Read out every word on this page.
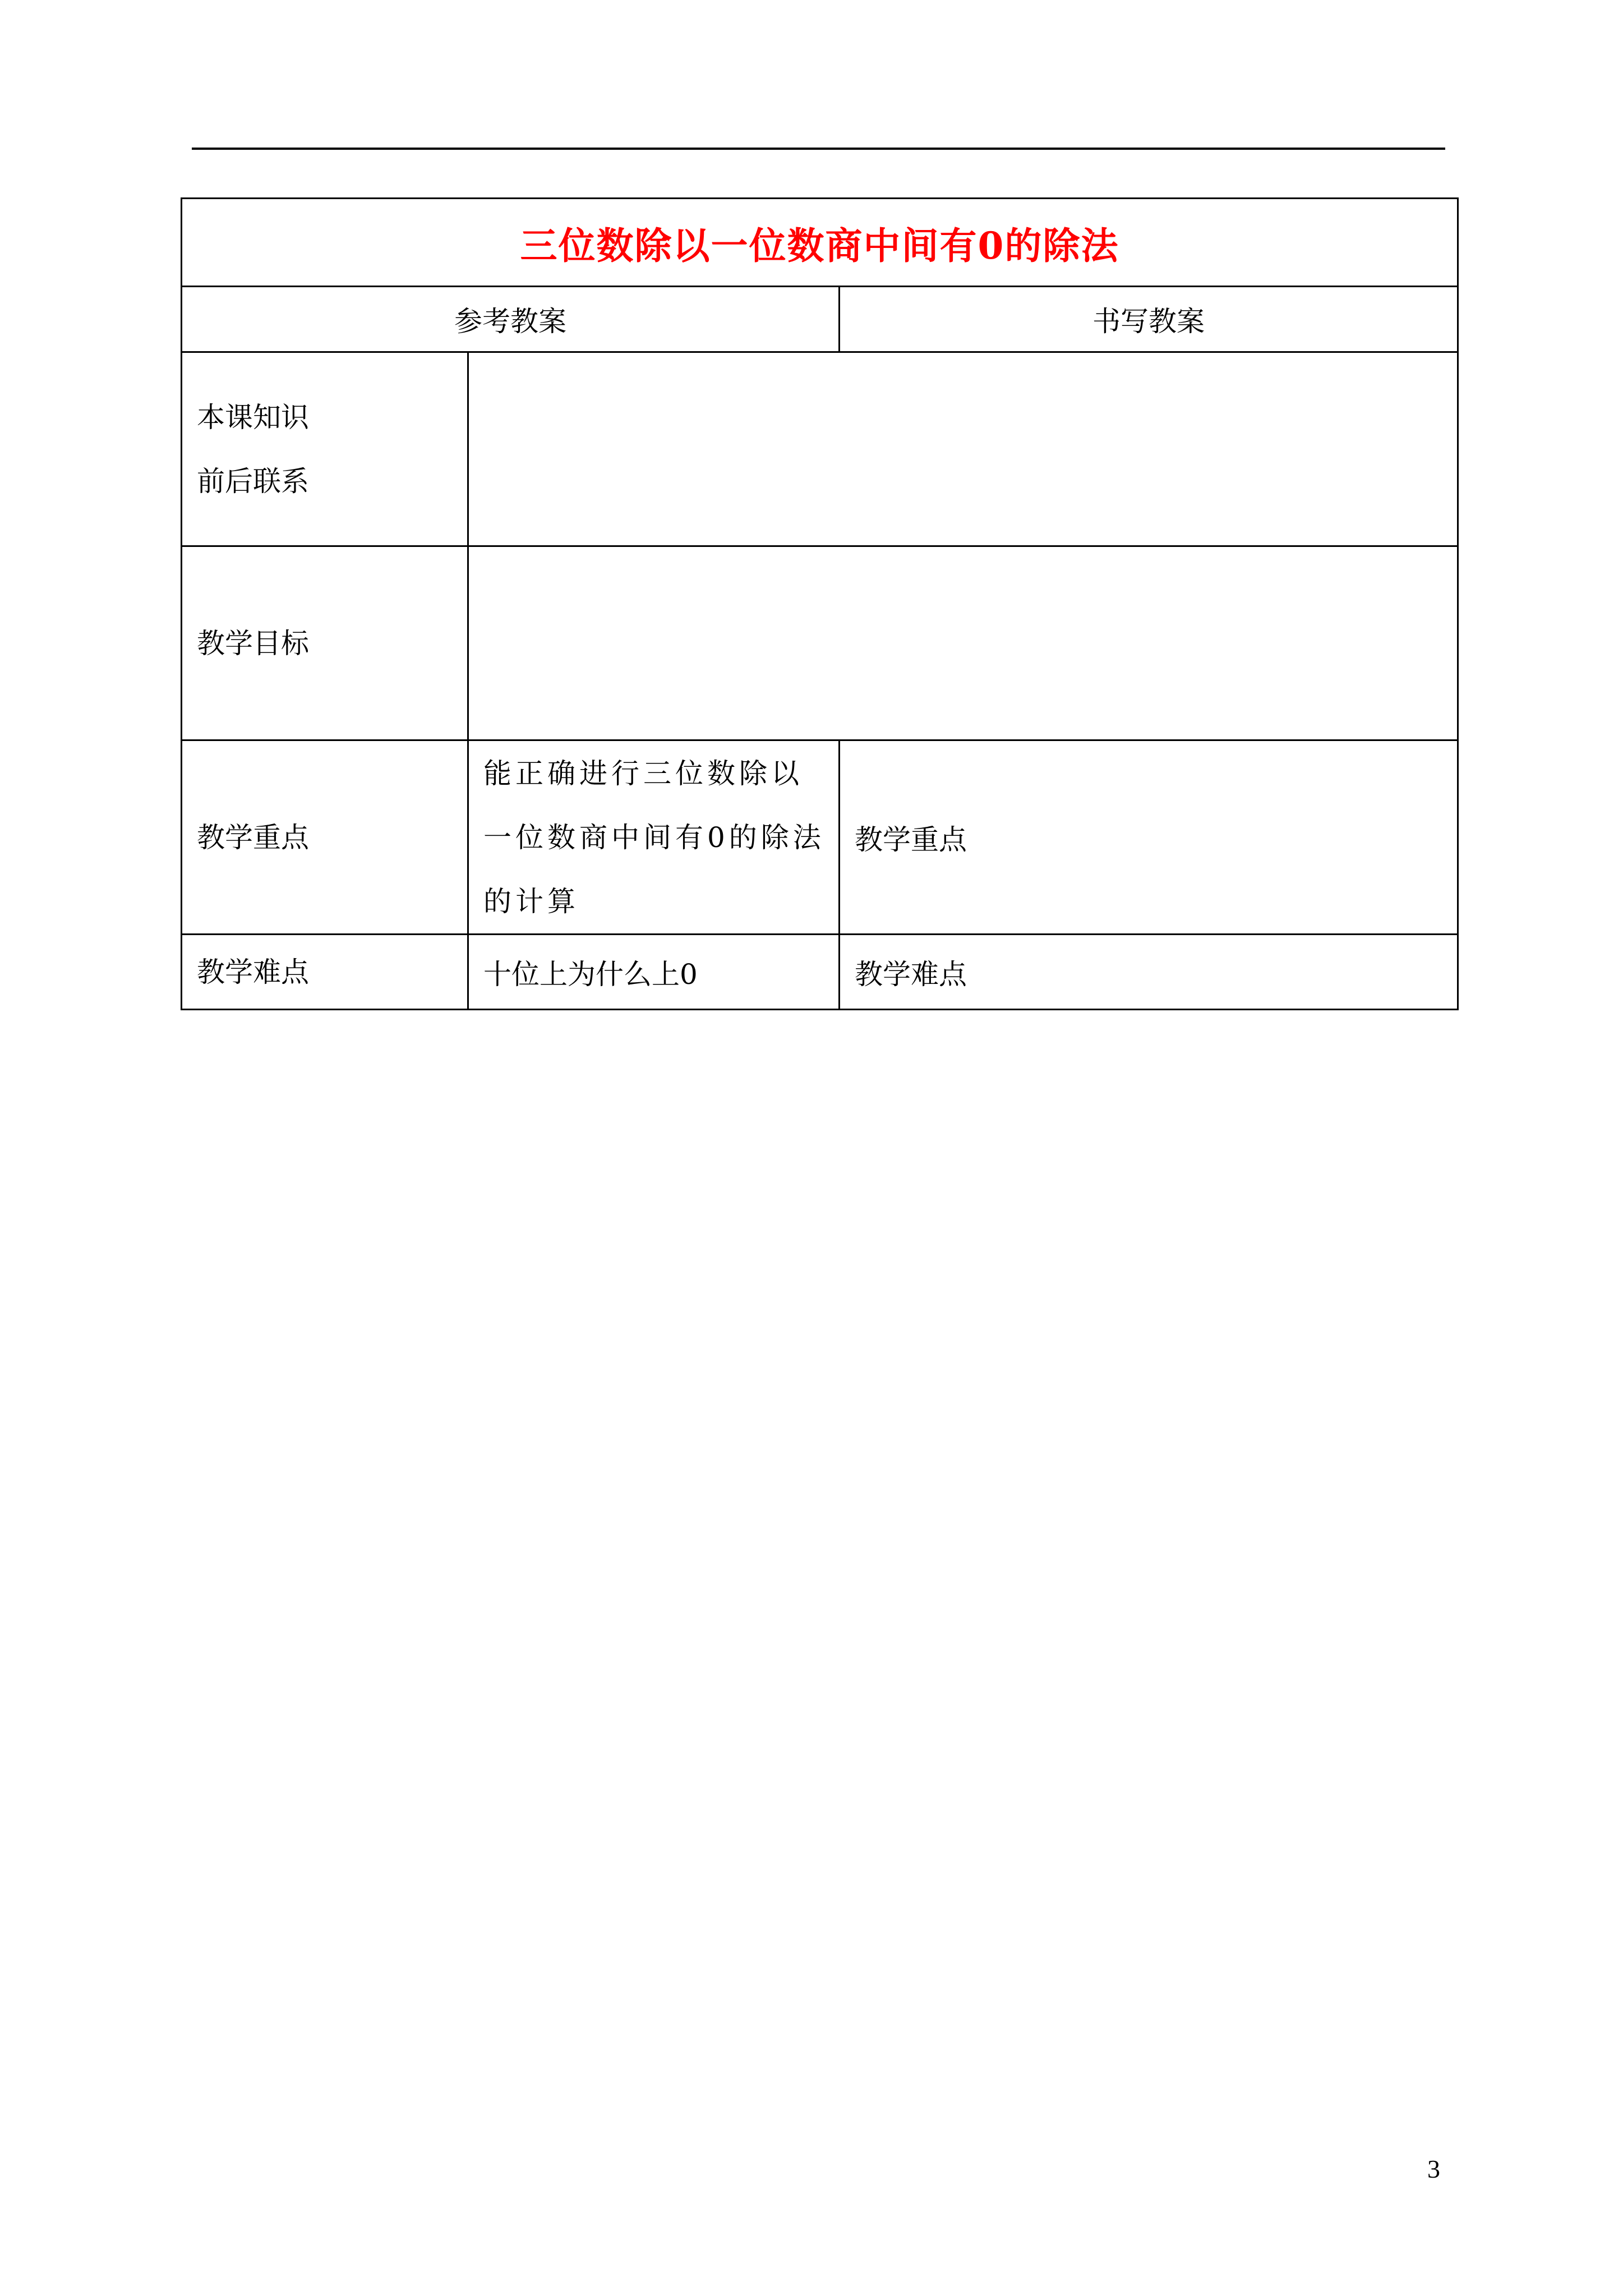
三位数除以一位数商中间有0的除法		
参考教案		书写教案

本课知识
前后联系		

教学目标		
教学重点	能正确进行三位数除以一位数商中间有0的除法的计算	教学重点
教学难点	十位上为什么上0	教学难点
3
